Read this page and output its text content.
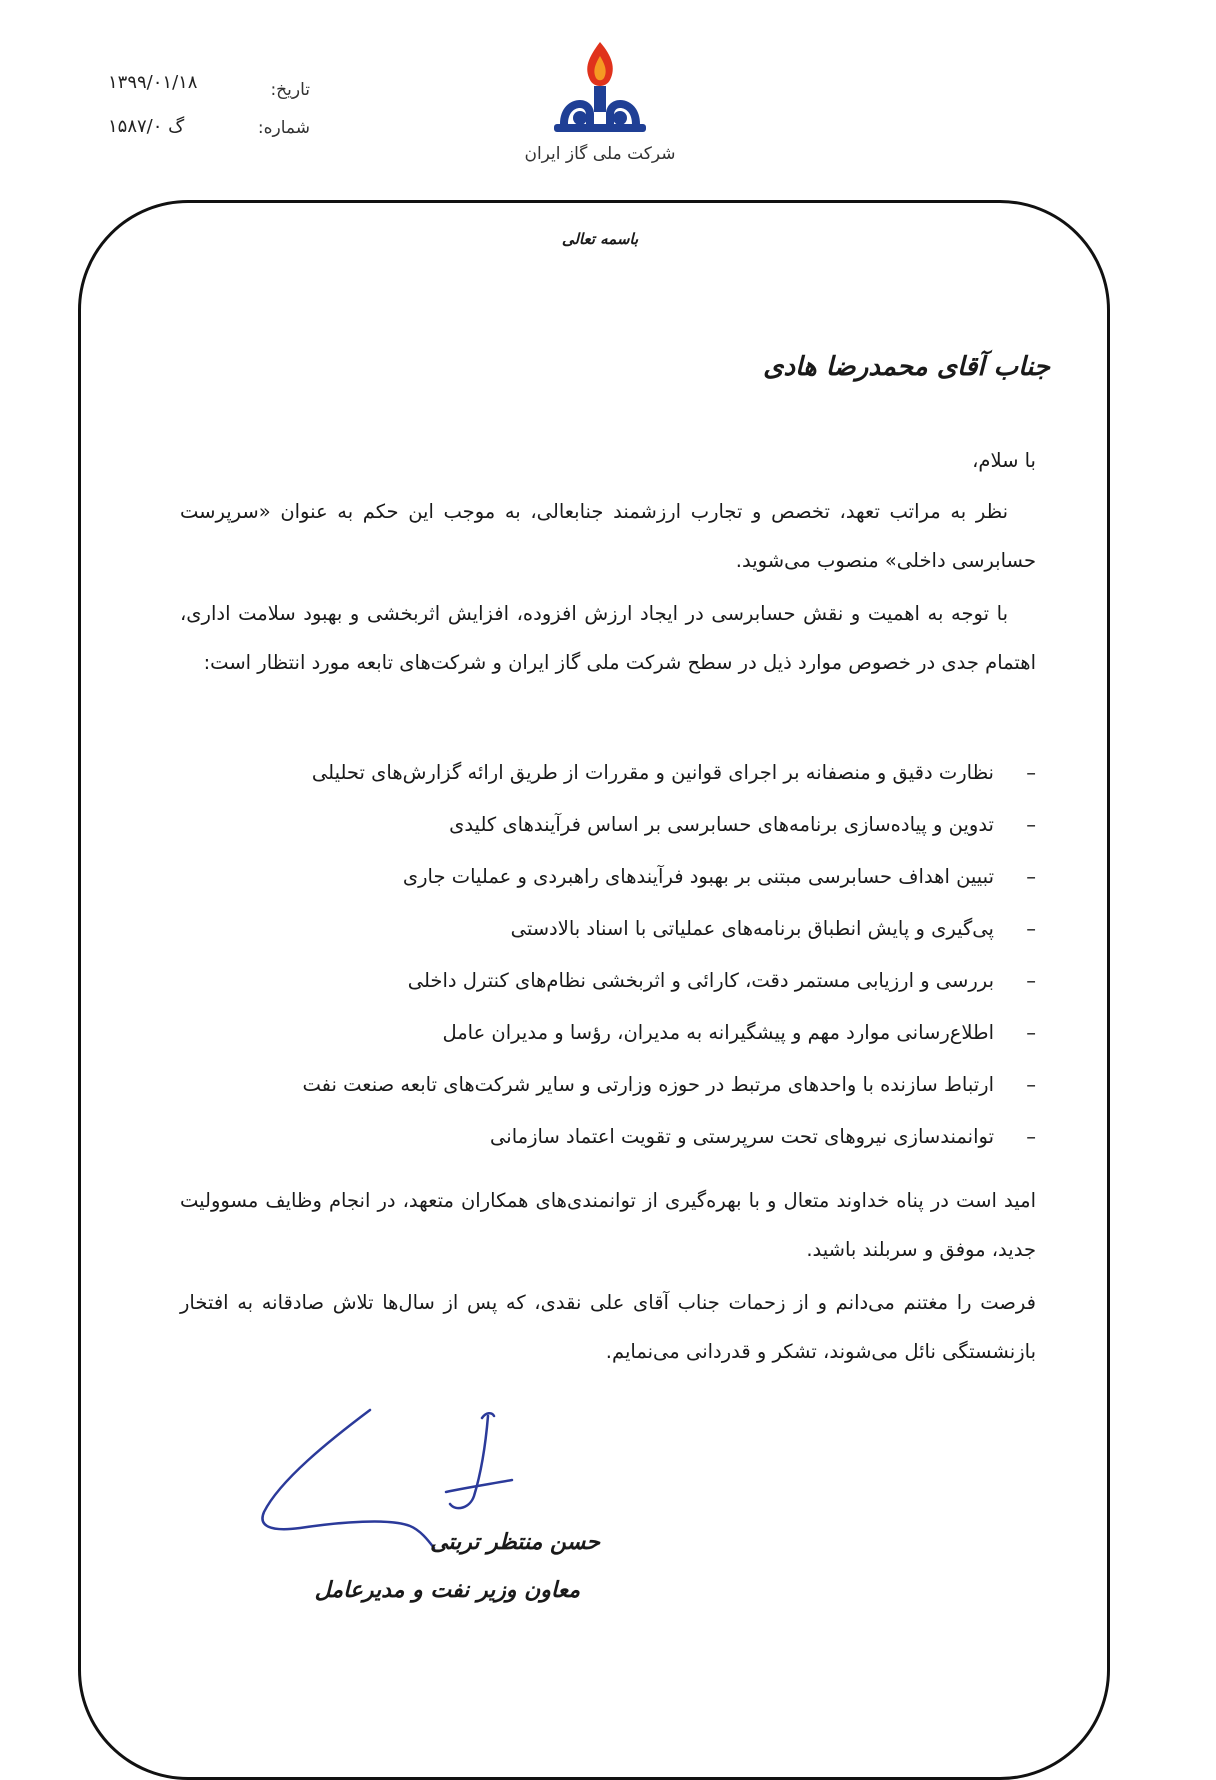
تاریخ:
۱۳۹۹/۰۱/۱۸
شماره:
گ ۱۵۸۷/۰
شرکت ملی گاز ایران
باسمه تعالی
جناب آقای محمدرضا هادی

با سلام،

نظر به مراتب تعهد، تخصص و تجارب ارزشمند جنابعالی، به موجب این حکم به عنوان «سرپرست حسابرسی داخلی» منصوب می‌شوید.

با توجه به اهمیت و نقش حسابرسی در ایجاد ارزش افزوده، افزایش اثربخشی و بهبود سلامت اداری، اهتمام جدی در خصوص موارد ذیل در سطح شرکت ملی گاز ایران و شرکت‌های تابعه مورد انتظار است:

–
نظارت دقیق و منصفانه بر اجرای قوانین و مقررات از طریق ارائه گزارش‌های تحلیلی
–
تدوین و پیاده‌سازی برنامه‌های حسابرسی بر اساس فرآیندهای کلیدی
–
تبیین اهداف حسابرسی مبتنی بر بهبود فرآیندهای راهبردی و عملیات جاری
–
پی‌گیری و پایش انطباق برنامه‌های عملیاتی با اسناد بالادستی
–
بررسی و ارزیابی مستمر دقت، کارائی و اثربخشی نظام‌های کنترل داخلی
–
اطلاع‌رسانی موارد مهم و پیشگیرانه به مدیران، رؤسا و مدیران عامل
–
ارتباط سازنده با واحدهای مرتبط در حوزه وزارتی و سایر شرکت‌های تابعه صنعت نفت
–
توانمندسازی نیروهای تحت سرپرستی و تقویت اعتماد سازمانی

امید است در پناه خداوند متعال و با بهره‌گیری از توانمندی‌های همکاران متعهد، در انجام وظایف مسوولیت جدید، موفق و سربلند باشید.

فرصت را مغتنم می‌دانم و از زحمات جناب آقای علی نقدی، که پس از سال‌ها تلاش صادقانه به افتخار بازنشستگی نائل می‌شوند، تشکر و قدردانی می‌نمایم.

حسن منتظر تربتی
معاون وزیر نفت و مدیرعامل
